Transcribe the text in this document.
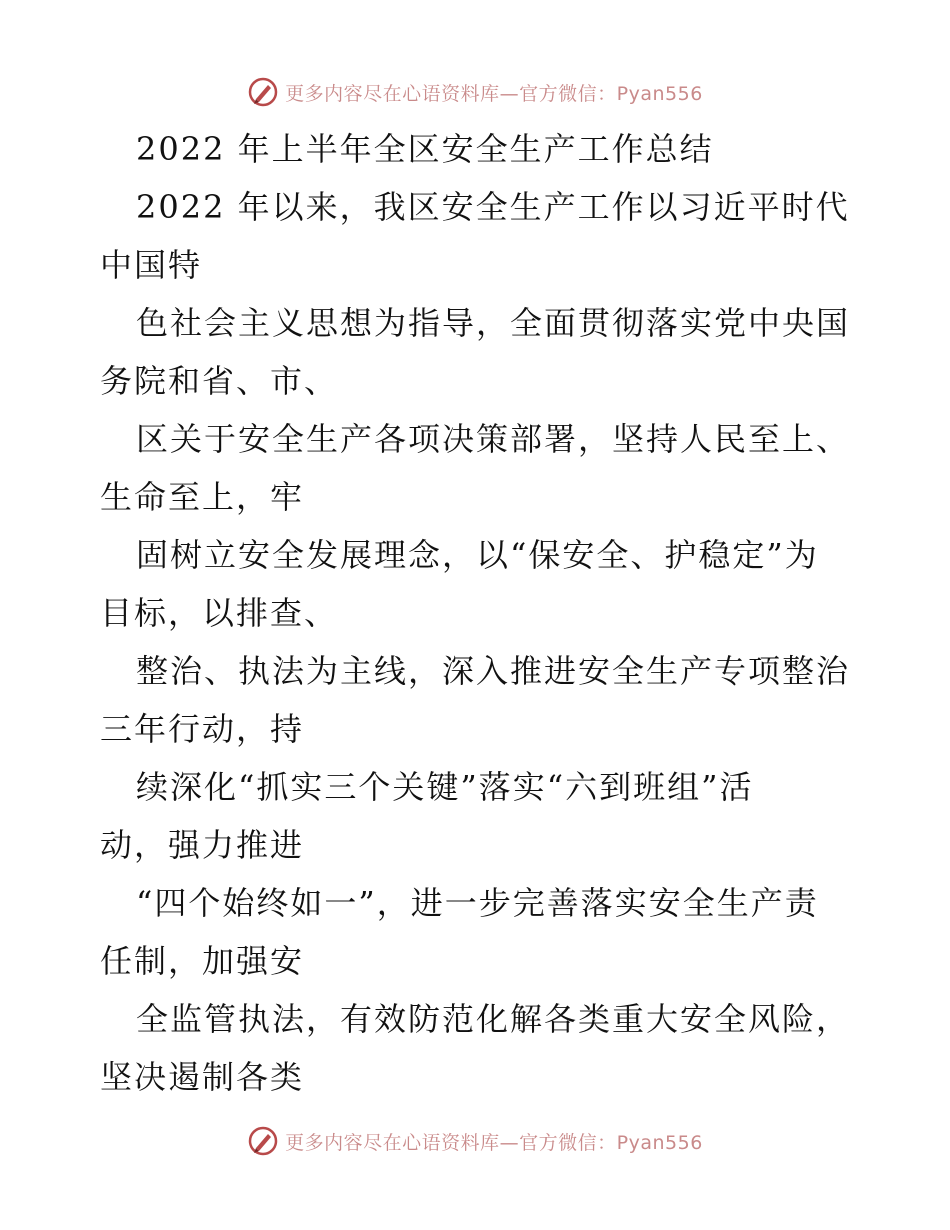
更多内容尽在心语资料库—官方微信：Pyan556
2022 年上半年全区安全生产工作总结
2022 年以来，我区安全生产工作以习近平时代
中国特
色社会主义思想为指导，全面贯彻落实党中央国
务院和省、市、
区关于安全生产各项决策部署，坚持人民至上、
生命至上，牢
固树立安全发展理念，以“保安全、护稳定”为
目标，以排查、
整治、执法为主线，深入推进安全生产专项整治
三年行动，持
续深化“抓实三个关键”落实“六到班组”活
动，强力推进
“四个始终如一”，进一步完善落实安全生产责
任制，加强安
全监管执法，有效防范化解各类重大安全风险，
坚决遏制各类
更多内容尽在心语资料库—官方微信：Pyan556
